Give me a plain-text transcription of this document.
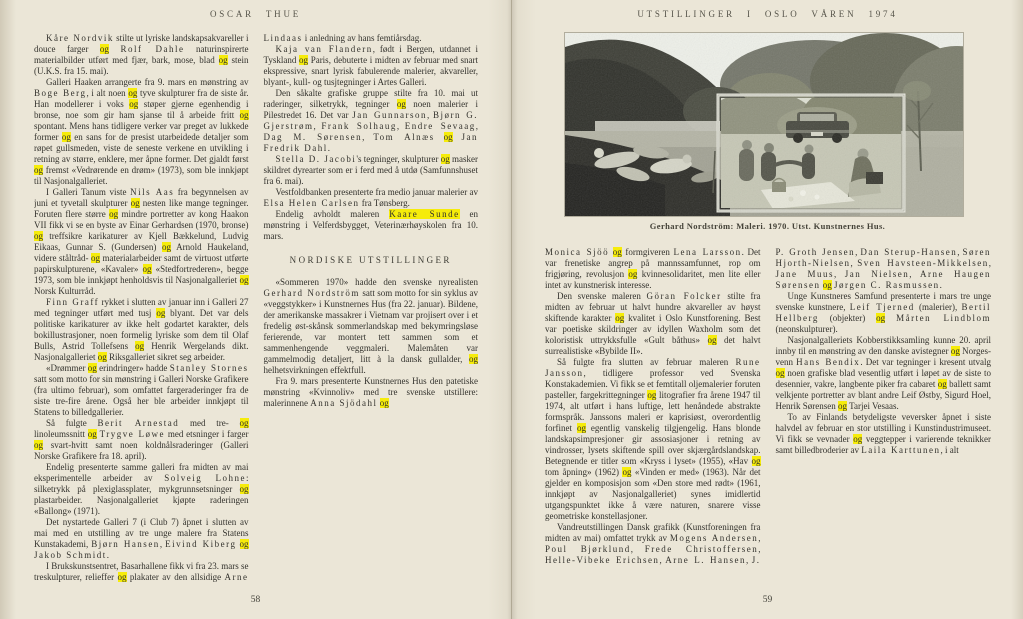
OSCAR THUE

Kåre Nordvik stilte ut lyriske landskapsakvareller i douce farger og Rolf Dahle naturinspirerte materialbilder utført med fjær, bark, mose, blad og stein (U.K.S. fra 15. mai).

Galleri Haaken arrangerte fra 9. mars en mønstring av Boge Berg, i alt noen og tyve skulpturer fra de siste år. Han modellerer i voks og støper gjerne egenhendig i bronse, noe som gir ham sjanse til å arbeide fritt og spontant. Mens hans tidligere verker var preget av lukkede former og en sans for de presist utarbeidede detaljer som røpet gullsmeden, viste de seneste verkene en utvikling i retning av større, enklere, mer åpne former. Det gjaldt først og fremst «Vedrørende en drøm» (1973), som ble innkjøpt til Nasjonalgalleriet.

I Galleri Tanum viste Nils Aas fra begynnelsen av juni et tyvetall skulpturer og nesten like mange tegninger. Foruten flere større og mindre portretter av kong Haakon VII fikk vi se en byste av Einar Gerhardsen (1970, bronse) og treffsikre karikaturer av Kjell Bækkelund, Ludvig Eikaas, Gunnar S. (Gundersen) og Arnold Haukeland, videre ståltråd- og materialarbeider samt de virtuost utførte papirskulpturene, «Kavaler» og «Stedfortrederen», begge 1973, som ble innkjøpt henholdsvis til Nasjonalgalleriet og Norsk Kulturråd.

Finn Graff rykket i slutten av januar inn i Galleri 27 med tegninger utført med tusj og blyant. Det var dels politiske karikaturer av ikke helt godartet karakter, dels bokillustrasjoner, noen formelig lyriske som dem til Olaf Bulls, Astrid Tollefsens og Henrik Wergelands dikt. Nasjonalgalleriet og Riksgalleriet sikret seg arbeider.

«Drømmer og erindringer» hadde Stanley Stornes satt som motto for sin mønstring i Galleri Norske Grafikere (fra ultimo februar), som omfattet fargeraderinger fra de siste tre-fire årene. Også her ble arbeider innkjøpt til Statens to billedgallerier.

Så fulgte Berit Arnestad med tre- og linoleumssnitt og Trygve Løwe med etsninger i farger og svart-hvitt samt noen koldnålsraderinger (Galleri Norske Grafikere fra 18. april).

Endelig presenterte samme galleri fra midten av mai eksperimentelle arbeider av Solveig Lohne: silketrykk på plexiglassplater, mykgrunnsetsninger og plastarbeider. Nasjonalgalleriet kjøpte raderingen «Ballong» (1971).

Det nystartede Galleri 7 (i Club 7) åpnet i slutten av mai med en utstilling av tre unge malere fra Statens Kunstakademi, Bjørn Hansen, Eivind Kiberg og Jakob Schmidt.

I Brukskunstsentret, Basarhallene fikk vi fra 23. mars se treskulpturer, relieffer og plakater av den allsidige Arne Lindaas i anledning av hans femtiårsdag.

Kaja van Flandern, født i Bergen, utdannet i Tyskland og Paris, debuterte i midten av februar med snart ekspressive, snart lyrisk fabulerende malerier, akvareller, blyant-, kull- og tusjtegninger i Artes Galleri.

Den såkalte grafiske gruppe stilte fra 10. mai ut raderinger, silketrykk, tegninger og noen malerier i Pilestredet 16. Det var Jan Gunnarson, Bjørn G. Gjerstrøm, Frank Solhaug, Endre Sevaag, Dag M. Sørensen, Tom Alnæs og Jan Fredrik Dahl.

Stella D. Jacobi's tegninger, skulpturer og masker skildret dyrearter som er i ferd med å utdø (Samfunnshuset fra 6. mai).

Vestfoldbanken presenterte fra medio januar malerier av Elsa Helen Carlsen fra Tønsberg.

Endelig avholdt maleren Kaare Sunde en mønstring i Velferdsbygget, Veterinærhøyskolen fra 10. mars.

NORDISKE UTSTILLINGER

«Sommeren 1970» hadde den svenske nyrealisten Gerhard Nordström satt som motto for sin syklus av «veggstykker» i Kunstnernes Hus (fra 22. januar). Bildene, der amerikanske massakrer i Vietnam var projisert over i et fredelig øst-skånsk sommerlandskap med bekymringsløse ferierende, var montert tett sammen som et sammenhengende veggmaleri. Malemåten var gammelmodig detaljert, litt à la dansk gullalder, og helhetsvirkningen effektfull.

Fra 9. mars presenterte Kunstnernes Hus den patetiske mønstring «Kvinnoliv» med tre svenske utstillere: malerinnene Anna Sjödahl og

58
UTSTILLINGER I OSLO VÅREN 1974
Gerhard Nordström: Maleri. 1970. Utst. Kunstnernes Hus.

Monica Sjöö og formgiveren Lena Larsson. Det var frenetiske angrep på mannssamfunnet, rop om frigjøring, revolusjon og kvinnesolidaritet, men lite eller intet av kunstnerisk interesse.

Den svenske maleren Göran Folcker stilte fra midten av februar ut halvt hundre akvareller av høyst skiftende karakter og kvalitet i Oslo Kunstforening. Best var poetiske skildringer av idyllen Waxholm som det koloristisk uttrykksfulle «Gult båthus» og det halvt surrealistiske «Bybilde II».

Så fulgte fra slutten av februar maleren Rune Jansson, tidligere professor ved Svenska Konstakademien. Vi fikk se et femtitall oljemalerier foruten pasteller, fargekrittegninger og litografier fra årene 1947 til 1974, alt utført i hans luftige, lett henåndede abstrakte formspråk. Janssons maleri er kaprisiøst, overordentlig forfinet og egentlig vanskelig tilgjengelig. Hans blonde landskapsimpresjoner gir assosiasjoner i retning av vindrosser, lysets skiftende spill over skjærgårdslandskap. Betegnende er titler som «Kryss i lyset» (1955), «Hav og tom åpning» (1962) og «Vinden er med» (1963). Når det gjelder en komposisjon som «Den store med rødt» (1961, innkjøpt av Nasjonalgalleriet) synes imidlertid utgangspunktet ikke å være naturen, snarere visse geometriske konstellasjoner.

Vandreutstillingen Dansk grafikk (Kunstforeningen fra midten av mai) omfattet trykk av Mogens Andersen, Poul Bjørklund, Frede Christoffersen, Helle-Vibeke Erichsen, Arne L. Hansen, J. P. Groth Jensen, Dan Sterup-Hansen, Søren Hjorth-Nielsen, Sven Havsteen-Mikkelsen, Jane Muus, Jan Nielsen, Arne Haugen Sørensen og Jørgen C. Rasmussen.

Unge Kunstneres Samfund presenterte i mars tre unge svenske kunstnere, Leif Tjerned (malerier), Bertil Hellberg (objekter) og Mårten Lindblom (neonskulpturer).

Nasjonalgalleriets Kobberstikksamling kunne 20. april innby til en mønstring av den danske avistegner og Norges-venn Hans Bendix. Det var tegninger i kresent utvalg og noen grafiske blad vesentlig utført i løpet av de siste to desennier, vakre, langbente piker fra cabaret og ballett samt velkjente portretter av blant andre Leif Østby, Sigurd Hoel, Henrik Sørensen og Tarjei Vesaas.

To av Finlands betydeligste veversker åpnet i siste halvdel av februar en stor utstilling i Kunstindustrimuseet. Vi fikk se vevnader og veggtepper i varierende teknikker samt billedbroderier av Laila Karttunen, i alt

59
